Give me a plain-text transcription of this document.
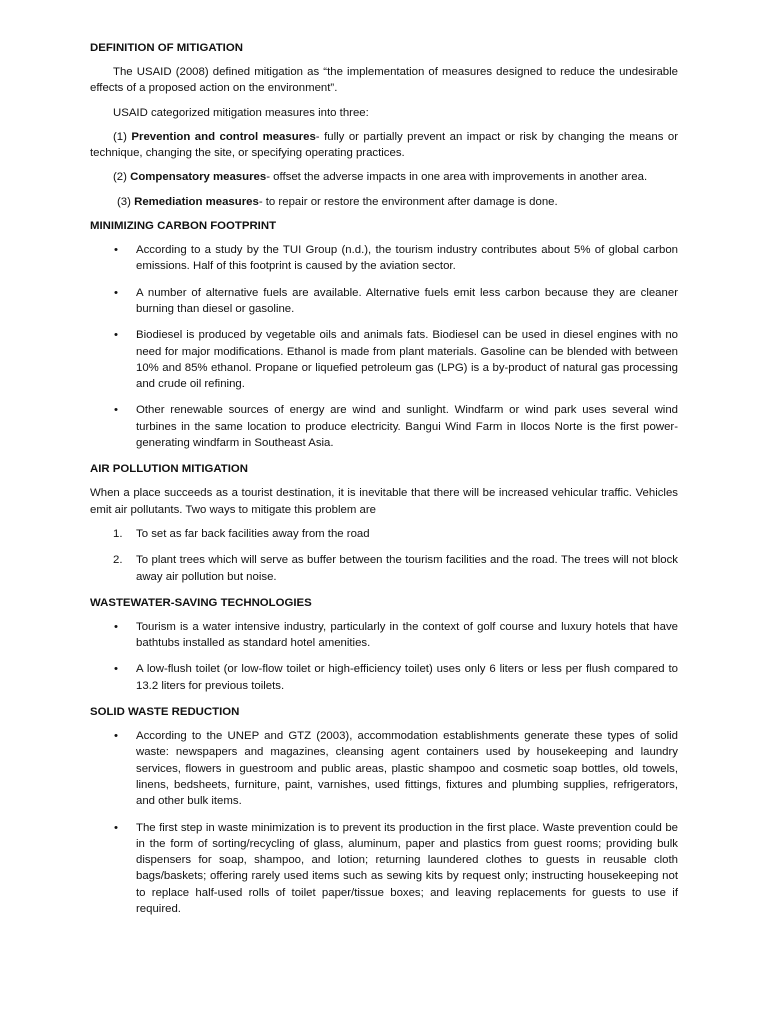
DEFINITION OF MITIGATION

The USAID (2008) defined mitigation as “the implementation of measures designed to reduce the undesirable effects of a proposed action on the environment”.

USAID categorized mitigation measures into three:

(1) Prevention and control measures- fully or partially prevent an impact or risk by changing the means or technique, changing the site, or specifying operating practices.

(2) Compensatory measures- offset the adverse impacts in one area with improvements in another area.

(3) Remediation measures- to repair or restore the environment after damage is done.

MINIMIZING CARBON FOOTPRINT
• According to a study by the TUI Group (n.d.), the tourism industry contributes about 5% of global carbon emissions. Half of this footprint is caused by the aviation sector.
• A number of alternative fuels are available. Alternative fuels emit less carbon because they are cleaner burning than diesel or gasoline.
• Biodiesel is produced by vegetable oils and animals fats. Biodiesel can be used in diesel engines with no need for major modifications. Ethanol is made from plant materials. Gasoline can be blended with between 10% and 85% ethanol. Propane or liquefied petroleum gas (LPG) is a by-product of natural gas processing and crude oil refining.
• Other renewable sources of energy are wind and sunlight. Windfarm or wind park uses several wind turbines in the same location to produce electricity. Bangui Wind Farm in Ilocos Norte is the first power-generating windfarm in Southeast Asia.
AIR POLLUTION MITIGATION

When a place succeeds as a tourist destination, it is inevitable that there will be increased vehicular traffic. Vehicles emit air pollutants. Two ways to mitigate this problem are

1. To set as far back facilities away from the road
2. To plant trees which will serve as buffer between the tourism facilities and the road. The trees will not block away air pollution but noise.
WASTEWATER-SAVING TECHNOLOGIES
• Tourism is a water intensive industry, particularly in the context of golf course and luxury hotels that have bathtubs installed as standard hotel amenities.
• A low-flush toilet (or low-flow toilet or high-efficiency toilet) uses only 6 liters or less per flush compared to 13.2 liters for previous toilets.
SOLID WASTE REDUCTION
• According to the UNEP and GTZ (2003), accommodation establishments generate these types of solid waste: newspapers and magazines, cleansing agent containers used by housekeeping and laundry services, flowers in guestroom and public areas, plastic shampoo and cosmetic soap bottles, old towels, linens, bedsheets, furniture, paint, varnishes, used fittings, fixtures and plumbing supplies, refrigerators, and other bulk items.
• The first step in waste minimization is to prevent its production in the first place. Waste prevention could be in the form of sorting/recycling of glass, aluminum, paper and plastics from guest rooms; providing bulk dispensers for soap, shampoo, and lotion; returning laundered clothes to guests in reusable cloth bags/baskets; offering rarely used items such as sewing kits by request only; instructing housekeeping not to replace half-used rolls of toilet paper/tissue boxes; and leaving replacements for guests to use if required.
